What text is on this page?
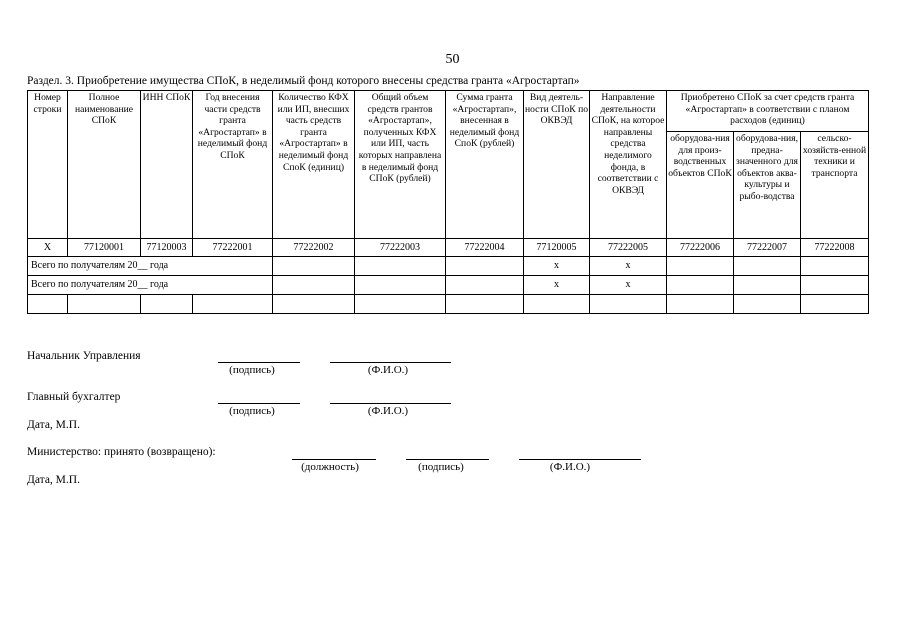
50
Раздел. 3. Приобретение имущества СПоК, в неделимый фонд которого внесены средства гранта «Агростартап»
Номер строки	Полное наименование СПоК	ИНН СПоК	Год внесения части средств гранта «Агростартап» в неделимый фонд СПоК	Количество КФХ или ИП, внесших часть средств гранта «Агростартап» в неделимый фонд СпоК (единиц)	Общий объем средств грантов «Агростартап», полученных КФХ или ИП, часть которых направлена в неделимый фонд СПоК (рублей)	Сумма гранта «Агростартап», внесенная в неделимый фонд СпоК (рублей)	Вид деятель-ности СПоК по ОКВЭД	Направление деятельности СПоК, на которое направлены средства неделимого фонда, в соответствии с ОКВЭД	Приобретено СПоК за счет средств гранта «Агростартап» в соответствии с планом расходов (единиц)		
									оборудова-ния для произ-водственных объектов СПоК	оборудова-ния, предна-значенного для объектов аква-культуры и рыбо-водства	сельско-хозяйств-енной техники и транспорта
X	77120001	77120003	77222001	77222002	77222003	77222004	77120005	77222005	77222006	77222007	77222008
Всего по получателям 20__ года							x	x			
Всего по получателям 20__ года							x	x			

Начальник Управления
(подпись)	(Ф.И.О.)
Главный бухгалтер
(подпись)	(Ф.И.О.)
Дата, М.П.
Министерство: принято (возвращено):
(должность)	(подпись)	(Ф.И.О.)
Дата, М.П.
